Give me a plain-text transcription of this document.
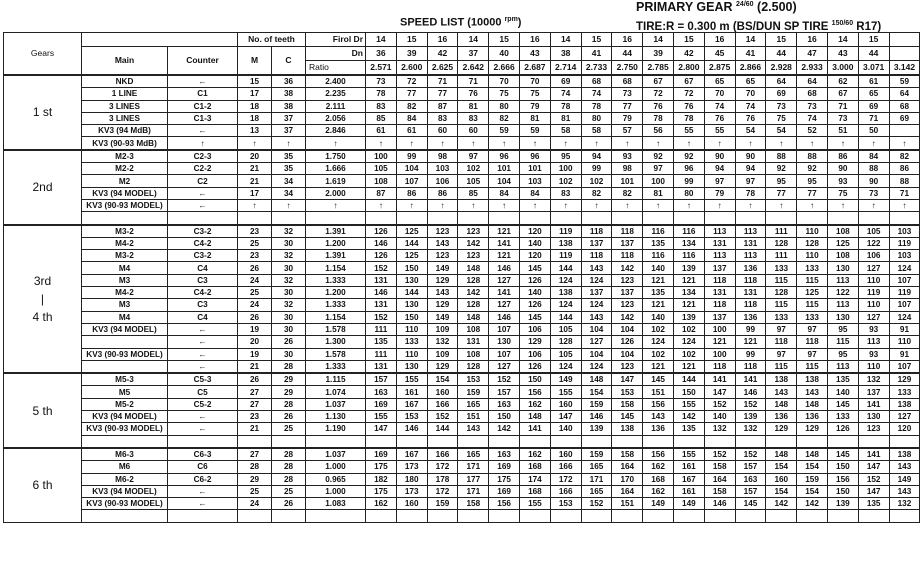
PRIMARY GEAR $^{24/60}$ (2.500)
SPEED LIST (10000 $^{rpm}$)	TIRE:R = 0.300 m (BS/DUN SP TIRE $^{150/60}$ R17)
Gears			No. of teeth		Firol Dr	14	15	16	14	15	16	14	15	16	14	15	16	14	15	16	14	15	
	Main	Counter	M	C	Dn	36	39	42	37	40	43	38	41	44	39	42	45	41	44	47	43	44	
					Ratio	2.571	2.600	2.625	2.642	2.666	2.687	2.714	2.733	2.750	2.785	2.800	2.875	2.866	2.928	2.933	3.000	3.071	3.142
1 st	NKD	←	15	36	2.400	73	72	71	71	70	70	69	68	68	67	67	65	65	64	64	62	61	59
	1 LINE	C1	17	38	2.235	78	77	77	76	75	75	74	74	73	72	72	70	70	69	68	67	65	64
	3 LINES	C1-2	18	38	2.111	83	82	87	81	80	79	78	78	77	76	76	74	74	73	73	71	69	68
	3 LINES	C1-3	18	37	2.056	85	84	83	83	82	81	81	80	79	78	78	76	76	75	74	73	71	69
	KV3 (94 MdB)	←	13	37	2.846	61	61	60	60	59	59	58	58	57	56	55	55	54	54	52	51	50	
	KV3 (90-93 MdB)	↑	↑	↑	↑	↑	↑	↑	↑	↑	↑	↑	↑	↑	↑	↑	↑	↑	↑	↑	↑	↑	↑
2nd	M2-3	C2-3	20	35	1.750	100	99	98	97	96	96	95	94	93	92	92	90	90	88	88	86	84	82
	M2-2	C2-2	21	35	1.666	105	104	103	102	101	101	100	99	98	97	96	94	94	92	92	90	88	86
	M2	C2	21	34	1.619	108	107	106	105	104	103	102	102	101	100	99	97	97	95	95	93	90	88
	KV3 (94 MODEL)	←	17	34	2.000	87	86	86	85	84	84	83	82	82	81	80	79	78	77	77	75	73	71
	KV3 (90-93 MODEL)	←	↑	↑	↑	↑	↑	↑	↑	↑	↑	↑	↑	↑	↑	↑	↑	↑	↑	↑	↑	↑	↑

3rd
|
4 th	M3-2	C3-2	23	32	1.391	126	125	123	123	121	120	119	118	118	116	116	113	113	111	110	108	105	103
	M4-2	C4-2	25	30	1.200	146	144	143	142	141	140	138	137	137	135	134	131	131	128	128	125	122	119
	M3-2	C3-2	23	32	1.391	126	125	123	123	121	120	119	118	118	116	116	113	113	111	110	108	106	103
	M4	C4	26	30	1.154	152	150	149	148	146	145	144	143	142	140	139	137	136	133	133	130	127	124
	M3	C3	24	32	1.333	131	130	129	128	127	126	124	124	123	121	121	118	118	115	115	113	110	107
	M4-2	C4-2	25	30	1.200	146	144	143	142	141	140	138	137	137	135	134	131	131	128	125	122	119	119
	M3	C3	24	32	1.333	131	130	129	128	127	126	124	124	123	121	121	118	118	115	115	113	110	107
	M4	C4	26	30	1.154	152	150	149	148	146	145	144	143	142	140	139	137	136	133	133	130	127	124
	KV3 (94 MODEL)	←	19	30	1.578	111	110	109	108	107	106	105	104	104	102	102	100	99	97	97	95	93	91
		←	20	26	1.300	135	133	132	131	130	129	128	127	126	124	124	121	121	118	118	115	113	110
	KV3 (90-93 MODEL)	←	19	30	1.578	111	110	109	108	107	106	105	104	104	102	102	100	99	97	97	95	93	91
		←	21	28	1.333	131	130	129	128	127	126	124	124	123	121	121	118	118	115	115	113	110	107
5 th	M5-3	C5-3	26	29	1.115	157	155	154	153	152	150	149	148	147	145	144	141	141	138	138	135	132	129
	M5	C5	27	29	1.074	163	161	160	159	157	156	155	154	153	151	150	147	146	143	143	140	137	133
	M5-2	C5-2	27	28	1.037	169	167	166	165	163	162	160	159	158	156	155	152	152	148	148	145	141	138
	KV3 (94 MODEL)	←	23	26	1.130	155	153	152	151	150	148	147	146	145	143	142	140	139	136	136	133	130	127
	KV3 (90-93 MODEL)	←	21	25	1.190	147	146	144	143	142	141	140	139	138	136	135	132	132	129	129	126	123	120

6 th	M6-3	C6-3	27	28	1.037	169	167	166	165	163	162	160	159	158	156	155	152	152	148	148	145	141	138
	M6	C6	28	28	1.000	175	173	172	171	169	168	166	165	164	162	161	158	157	154	154	150	147	143
	M6-2	C6-2	29	28	0.965	182	180	178	177	175	174	172	171	170	168	167	164	163	160	159	156	152	149
	KV3 (94 MODEL)	←	25	25	1.000	175	173	172	171	169	168	166	165	164	162	161	158	157	154	154	150	147	143
	KV3 (90-93 MODEL)	←	24	26	1.083	162	160	159	158	156	155	153	152	151	149	149	146	145	142	142	139	135	132
